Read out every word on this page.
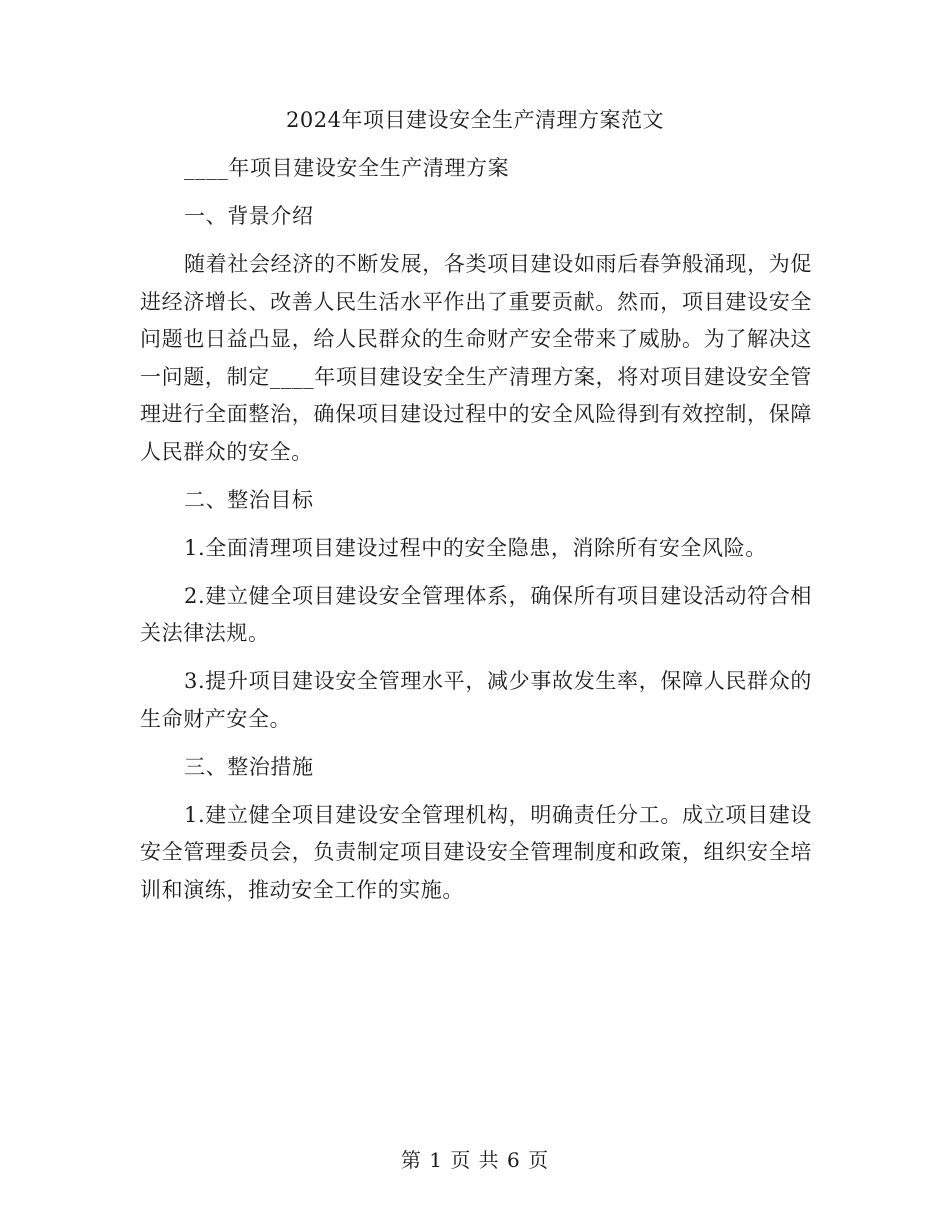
2024年项目建设安全生产清理方案范文

____年项目建设安全生产清理方案

一、背景介绍

随着社会经济的不断发展，各类项目建设如雨后春笋般涌现，为促进经济增长、改善人民生活水平作出了重要贡献。然而，项目建设安全问题也日益凸显，给人民群众的生命财产安全带来了威胁。为了解决这一问题，制定____年项目建设安全生产清理方案，将对项目建设安全管理进行全面整治，确保项目建设过程中的安全风险得到有效控制，保障人民群众的安全。

二、整治目标

1.全面清理项目建设过程中的安全隐患，消除所有安全风险。

2.建立健全项目建设安全管理体系，确保所有项目建设活动符合相关法律法规。

3.提升项目建设安全管理水平，减少事故发生率，保障人民群众的生命财产安全。

三、整治措施

1.建立健全项目建设安全管理机构，明确责任分工。成立项目建设安全管理委员会，负责制定项目建设安全管理制度和政策，组织安全培训和演练，推动安全工作的实施。

第 1 页 共 6 页
